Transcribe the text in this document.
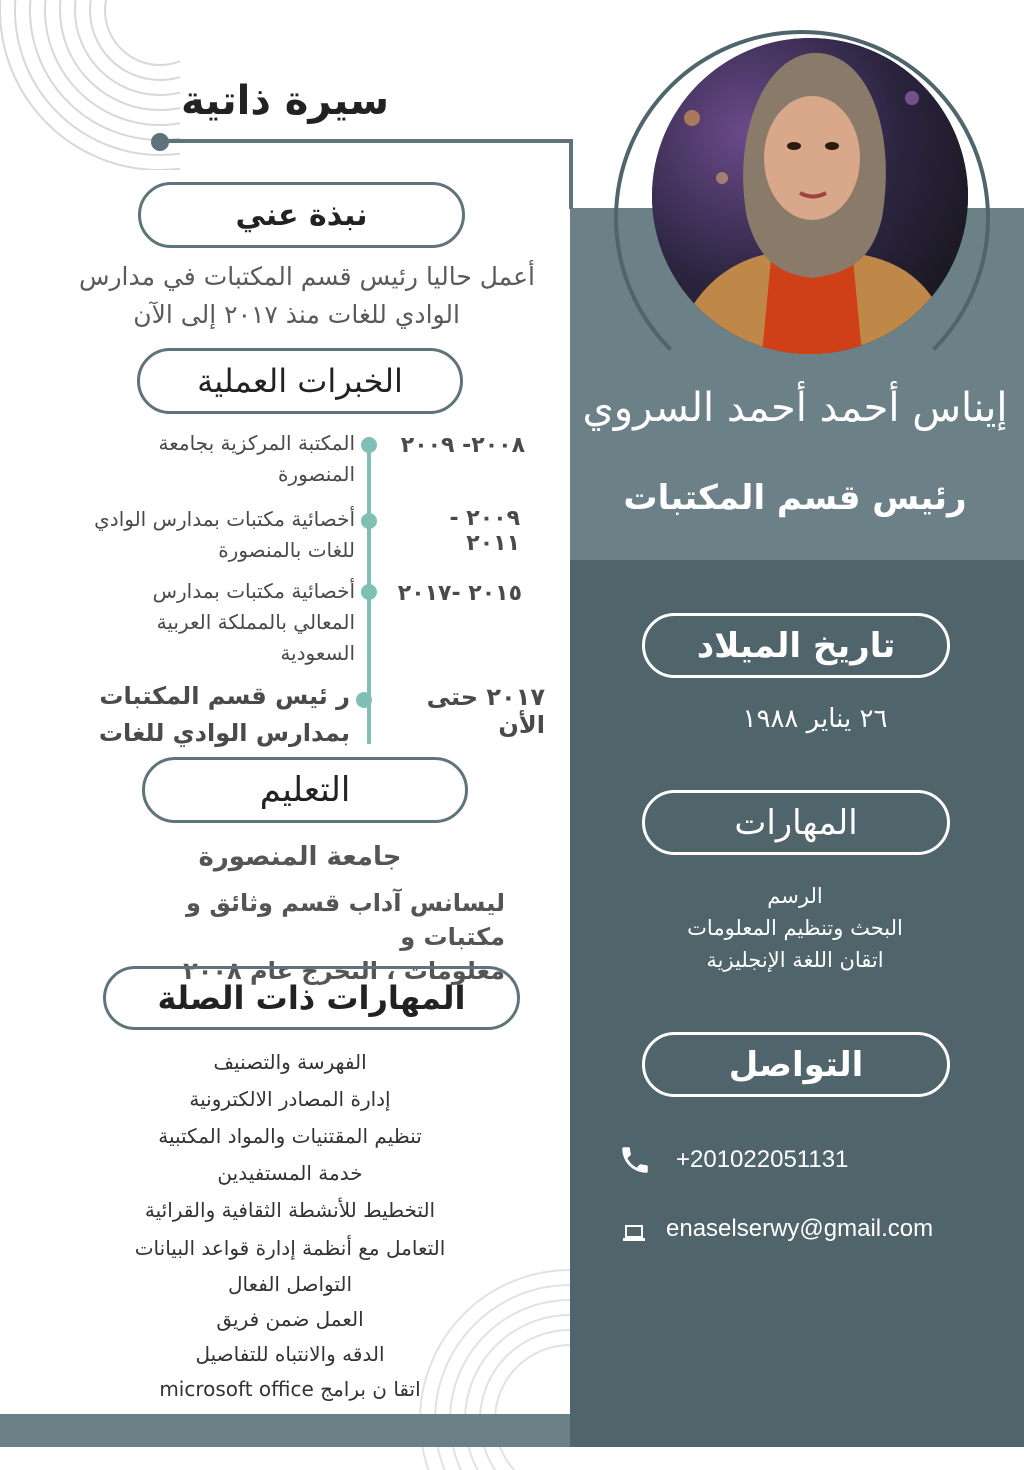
سيرة ذاتية
إيناس أحمد أحمد السروي
رئيس قسم المكتبات
نبذة عني
أعمل حاليا رئيس قسم المكتبات في مدارس
الوادي للغات منذ ٢٠١٧ إلى الآن
الخبرات العملية
٢٠٠٨- ٢٠٠٩
المكتبة المركزية بجامعة
المنصورة
٢٠٠٩ - ٢٠١١
أخصائية مكتبات بمدارس الوادي
للغات بالمنصورة
٢٠١٥ -٢٠١٧
أخصائية مكتبات بمدارس
المعالي بالمملكة العربية
السعودية
٢٠١٧ حتى الأن
ر ئيس قسم المكتبات
بمدارس الوادي للغات
التعليم
جامعة المنصورة
ليسانس آداب قسم وثائق و مكتبات و
معلومات ، التخرج عام ٢٠٠٨
المهارات ذات الصلة
الفهرسة والتصنيف
إدارة المصادر الالكترونية
تنظيم المقتنيات والمواد المكتبية
خدمة المستفيدين
التخطيط للأنشطة الثقافية والقرائية
التعامل مع أنظمة إدارة قواعد البيانات
التواصل الفعال
العمل ضمن فريق
الدقه والانتباه للتفاصيل
اتقا ن برامج microsoft office
تاريخ الميلاد
٢٦ يناير ١٩٨٨
المهارات
الرسم
البحث وتنظيم المعلومات
اتقان اللغة الإنجليزية
التواصل
+201022051131
enaselserwy@gmail.com
